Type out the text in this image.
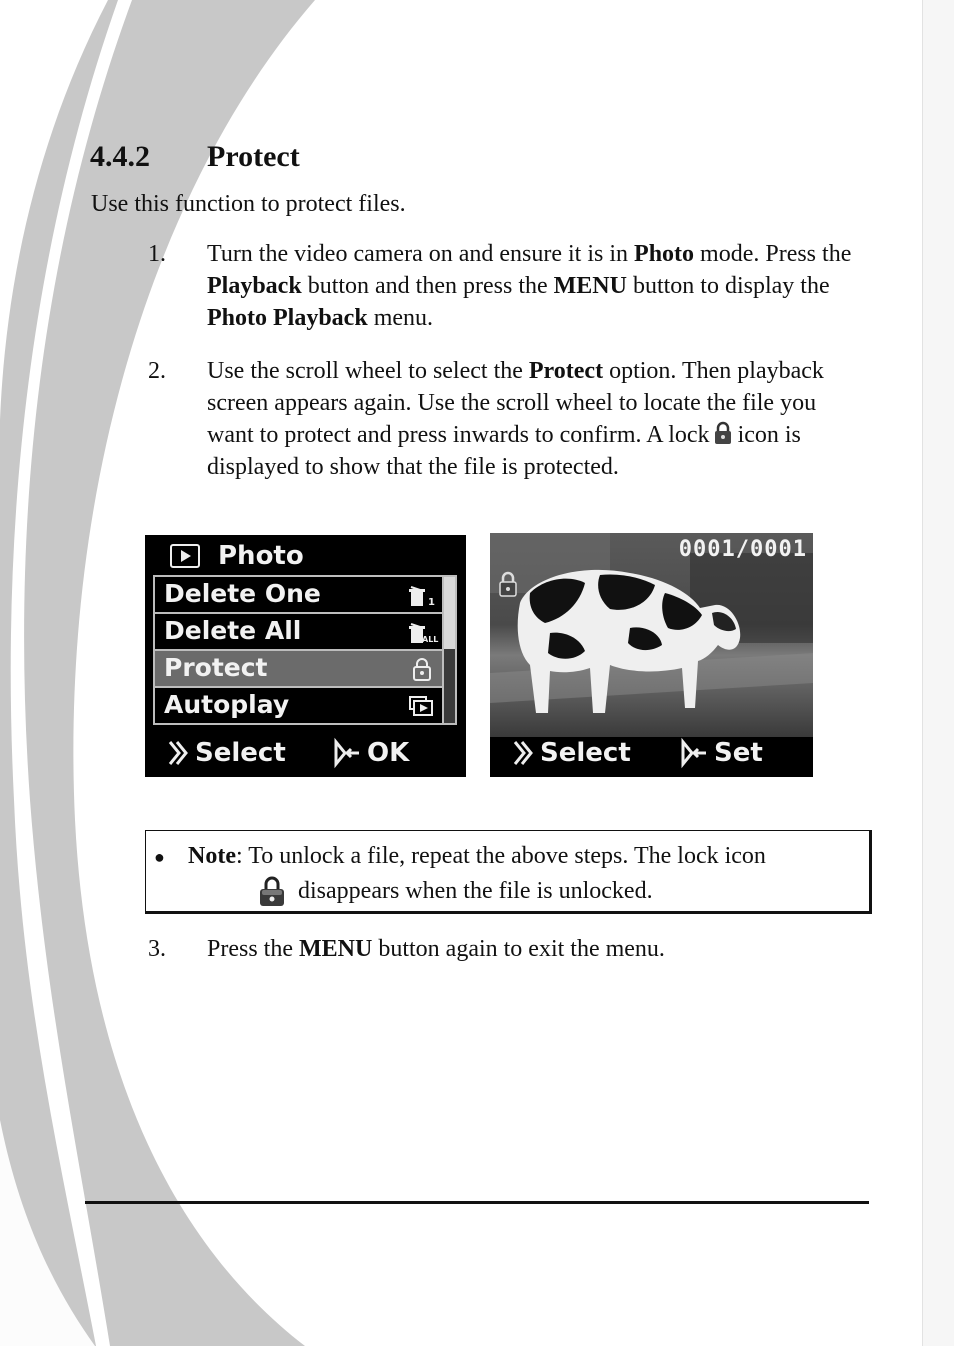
4.4.2 Protect
Use this function to protect files.
1. Turn the video camera on and ensure it is in Photo mode. Press the Playback button and then press the MENU button to display the Photo Playback menu.
2. Use the scroll wheel to select the Protect option. Then playback screen appears again. Use the scroll wheel to locate the file you want to protect and press inwards to confirm. A lock icon is displayed to show that the file is protected.
Photo
Delete One	1
Delete All	ALL
Protect
Autoplay
Select	OK
0001/0001
Select	Set
● Note: To unlock a file, repeat the above steps. The lock icon
disappears when the file is unlocked.
3. Press the MENU button again to exit the menu.
